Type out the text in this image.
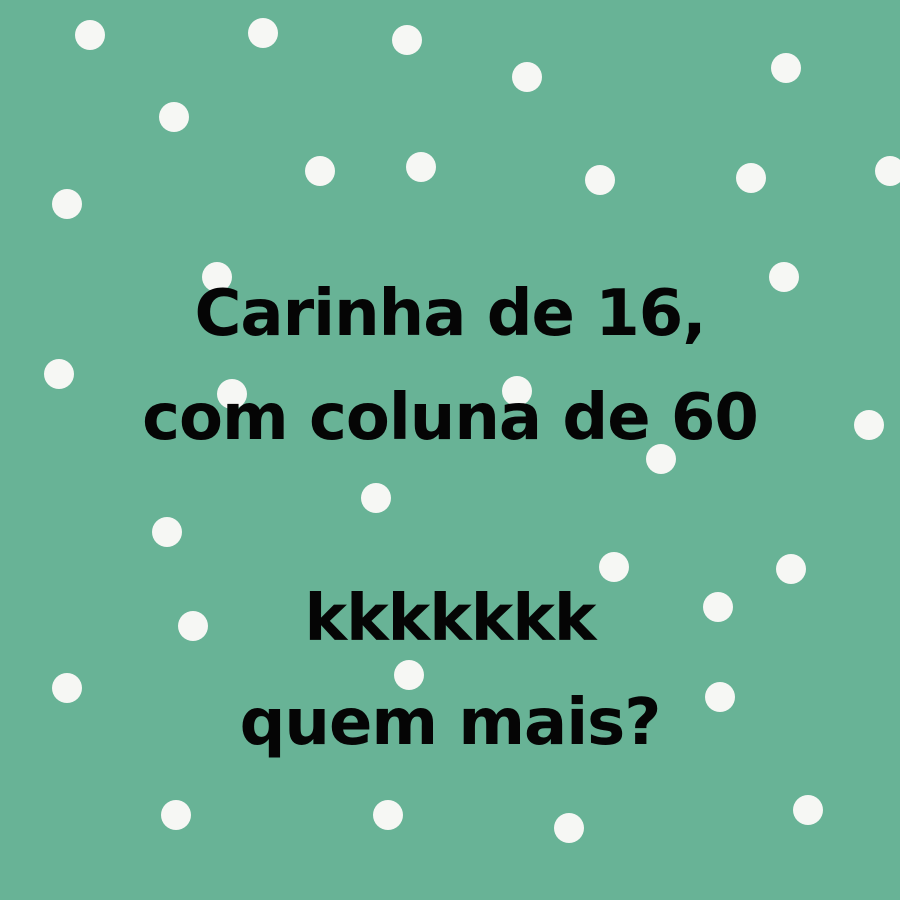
Carinha de 16,
com coluna de 60
kkkkkkk
quem mais?
